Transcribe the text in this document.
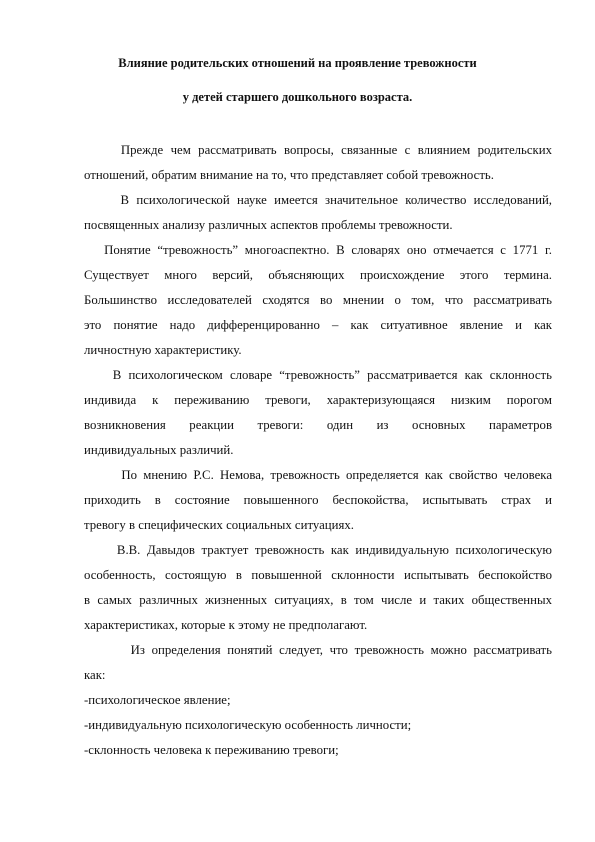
Влияние родительских отношений на проявление тревожности
у детей старшего дошкольного возраста.
Прежде чем рассматривать вопросы, связанные с влиянием родительских
отношений, обратим внимание на то, что представляет собой тревожность.
В психологической науке имеется значительное количество исследований,
посвященных анализу различных аспектов проблемы тревожности.
Понятие “тревожность” многоаспектно. В словарях оно отмечается с 1771 г.
Существует много версий, объясняющих происхождение этого термина.
Большинство исследователей сходятся во мнении о том, что рассматривать
это понятие надо дифференцированно – как ситуативное явление и как
личностную характеристику.
В психологическом словаре “тревожность” рассматривается как склонность
индивида к переживанию тревоги, характеризующаяся низким порогом
возникновения реакции тревоги: один из основных параметров
индивидуальных различий.
По мнению Р.С. Немова, тревожность определяется как свойство человека
приходить в состояние повышенного беспокойства, испытывать страх и
тревогу в специфических социальных ситуациях.
В.В. Давыдов трактует тревожность как индивидуальную психологическую
особенность, состоящую в повышенной склонности испытывать беспокойство
в самых различных жизненных ситуациях, в том числе и таких общественных
характеристиках, которые к этому не предполагают.
Из определения понятий следует, что тревожность можно рассматривать
как:
-психологическое явление;
-индивидуальную психологическую особенность личности;
-склонность человека к переживанию тревоги;
